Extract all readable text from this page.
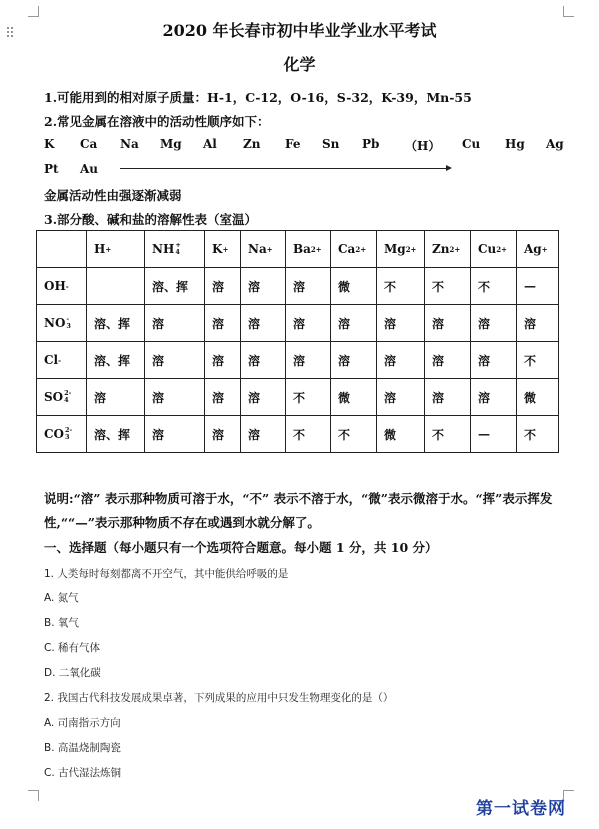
2020 年长春市初中毕业学业水平考试
化学
1.可能用到的相对原子质量：H-1，C-12，O-16，S-32，K-39，Mn-55
2.常见金属在溶液中的活动性顺序如下：
K Ca Na Mg Al Zn Fe Sn Pb （H） Cu Hg Ag
Pt Au
金属活动性由强逐渐减弱
3.部分酸、碱和盐的溶解性表（室温）

	H +	NH +
4	K +	Na +	Ba 2+	Ca 2+	Mg 2+	Zn 2+	Cu 2+	Ag +

OH -		溶、挥	溶	溶	溶	微	不	不	不	—

NO -
3	溶、挥	溶	溶	溶	溶	溶	溶	溶	溶	溶

Cl -	溶、挥	溶	溶	溶	溶	溶	溶	溶	溶	不

SO 2-
4	溶	溶	溶	溶	不	微	溶	溶	溶	微

CO 2-
3	溶、挥	溶	溶	溶	不	不	微	不	—	不
说明:“溶” 表示那种物质可溶于水，“不” 表示不溶于水，“微”表示微溶于水。“挥”表示挥发
性,““—”表示那种物质不存在或遇到水就分解了。
一、选择题（每小题只有一个选项符合题意。每小题 1 分，共 10 分）
1. 人类每时每刻都离不开空气，其中能供给呼吸的是
A. 氮气
B. 氧气
C. 稀有气体
D. 二氧化碳
2. 我国古代科技发展成果卓著，下列成果的应用中只发生物理变化的是（）
A. 司南指示方向
B. 高温烧制陶瓷
C. 古代湿法炼铜
第一试卷网
